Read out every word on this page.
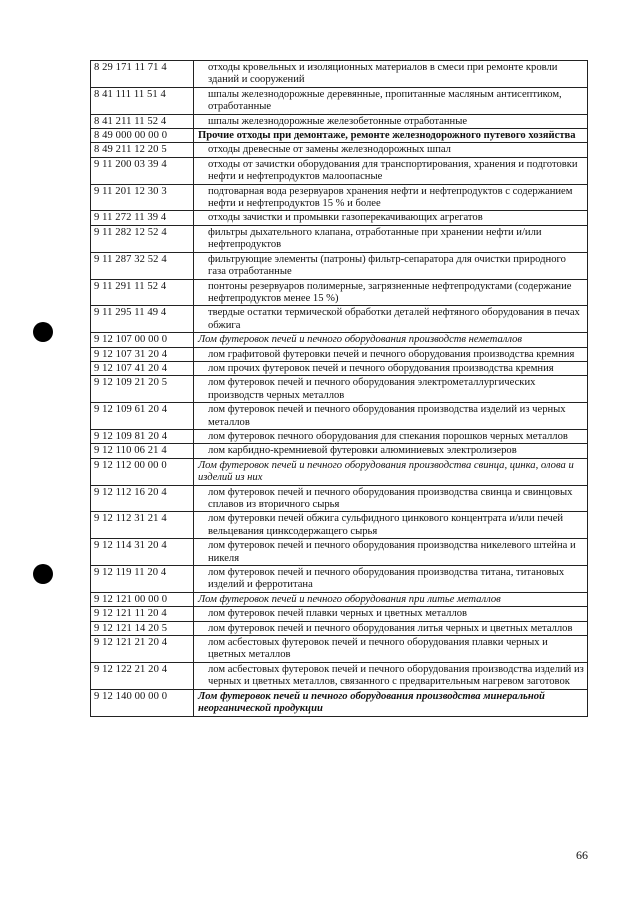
8 29 171 11 71 4	отходы кровельных и изоляционных материалов в смеси при ремонте кровли зданий и сооружений
8 41 111 11 51 4	шпалы железнодорожные деревянные, пропитанные масляным антисептиком, отработанные
8 41 211 11 52 4	шпалы железнодорожные железобетонные отработанные
8 49 000 00 00 0	Прочие отходы при демонтаже, ремонте железнодорожного путевого хозяйства
8 49 211 12 20 5	отходы древесные от замены железнодорожных шпал
9 11 200 03 39 4	отходы от зачистки оборудования для транспортирования, хранения и подготовки нефти и нефтепродуктов малоопасные
9 11 201 12 30 3	подтоварная вода резервуаров хранения нефти и нефтепродуктов с содержанием нефти и нефтепродуктов 15 % и более
9 11 272 11 39 4	отходы зачистки и промывки газоперекачивающих агрегатов
9 11 282 12 52 4	фильтры дыхательного клапана, отработанные при хранении нефти и/или нефтепродуктов
9 11 287 32 52 4	фильтрующие элементы (патроны) фильтр-сепаратора для очистки природного газа отработанные
9 11 291 11 52 4	понтоны резервуаров полимерные, загрязненные нефтепродуктами (содержание нефтепродуктов менее 15 %)
9 11 295 11 49 4	твердые остатки термической обработки деталей нефтяного оборудования в печах обжига
9 12 107 00 00 0	Лом футеровок печей и печного оборудования производств неметаллов
9 12 107 31 20 4	лом графитовой футеровки печей и печного оборудования производства кремния
9 12 107 41 20 4	лом прочих футеровок печей и печного оборудования производства кремния
9 12 109 21 20 5	лом футеровок печей и печного оборудования электрометаллургических производств черных металлов
9 12 109 61 20 4	лом футеровок печей и печного оборудования производства изделий из черных металлов
9 12 109 81 20 4	лом футеровок печного оборудования для спекания порошков черных металлов
9 12 110 06 21 4	лом карбидно-кремниевой футеровки алюминиевых электролизеров
9 12 112 00 00 0	Лом футеровок печей и печного оборудования производства свинца, цинка, олова и изделий из них
9 12 112 16 20 4	лом футеровок печей и печного оборудования производства свинца и свинцовых сплавов из вторичного сырья
9 12 112 31 21 4	лом футеровки печей обжига сульфидного цинкового концентрата и/или печей вельцевания цинксодержащего сырья
9 12 114 31 20 4	лом футеровок печей и печного оборудования производства никелевого штейна и никеля
9 12 119 11 20 4	лом футеровок печей и печного оборудования производства титана, титановых изделий и ферротитана
9 12 121 00 00 0	Лом футеровок печей и печного оборудования при литье металлов
9 12 121 11 20 4	лом футеровок печей плавки черных и цветных металлов
9 12 121 14 20 5	лом футеровок печей и печного оборудования литья черных и цветных металлов
9 12 121 21 20 4	лом асбестовых футеровок печей и печного оборудования плавки черных и цветных металлов
9 12 122 21 20 4	лом асбестовых футеровок печей и печного оборудования производства изделий из черных и цветных металлов, связанного с предварительным нагревом заготовок
9 12 140 00 00 0	Лом футеровок печей и печного оборудования производства минеральной неорганической продукции
66
